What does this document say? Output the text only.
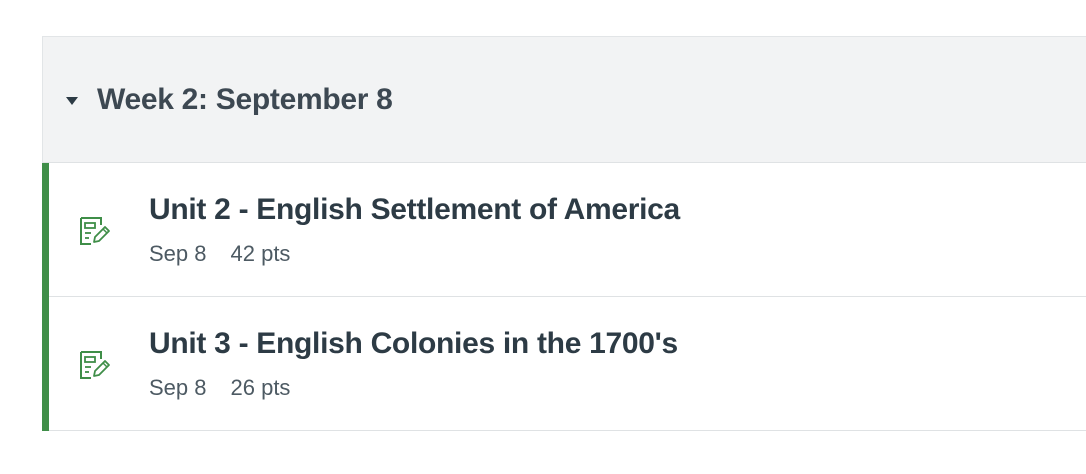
Week 2: September 8
Unit 2 - English Settlement of America
Sep 8 42 pts
Unit 3 - English Colonies in the 1700's
Sep 8 26 pts
